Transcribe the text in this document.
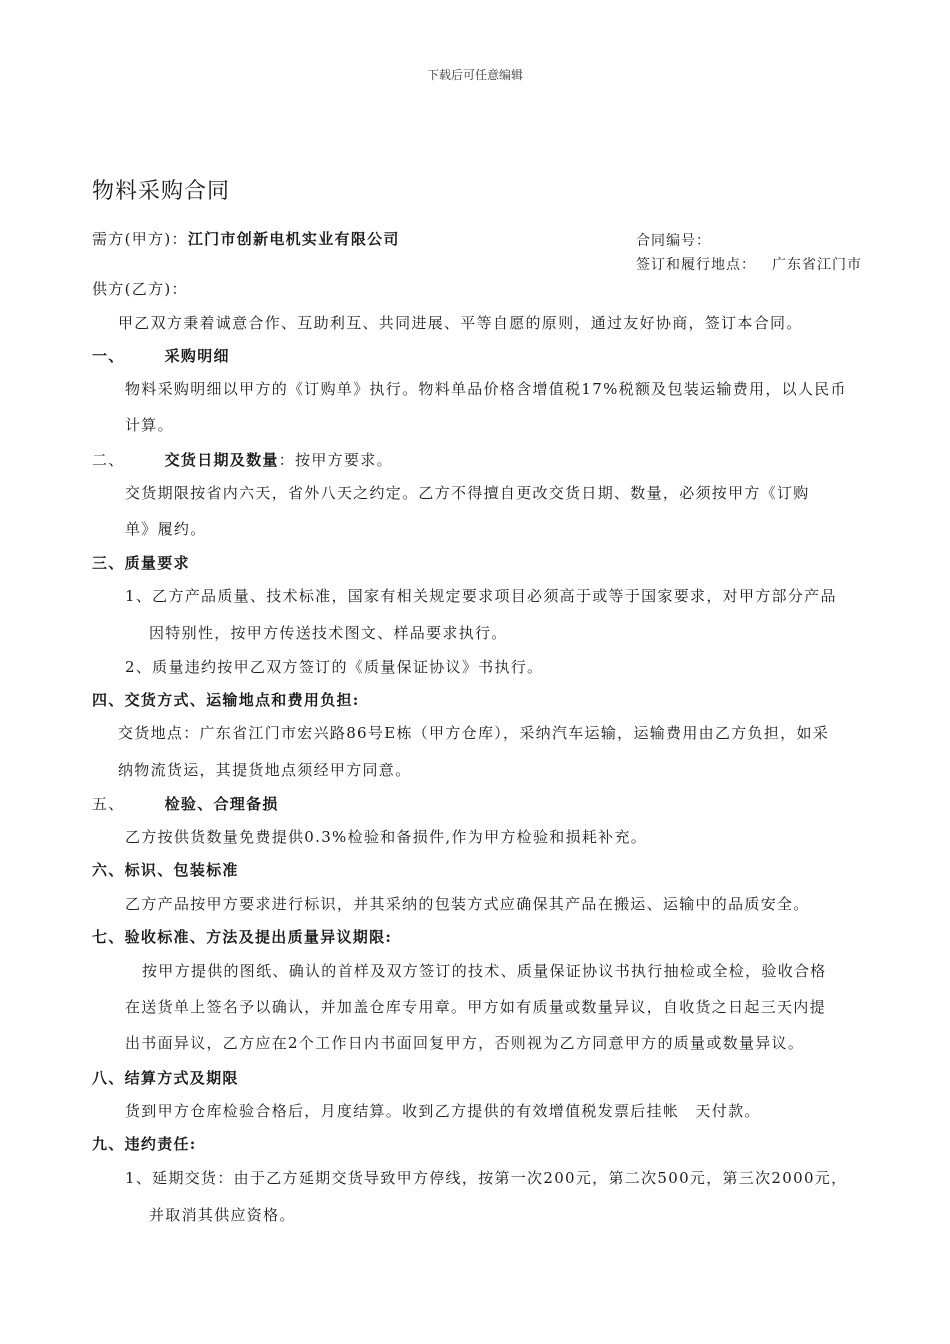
下载后可任意编辑
物料采购合同
需方(甲方)：江门市创新电机实业有限公司	合同编号：
签订和履行地点： 广东省江门市
供方(乙方)：
甲乙双方秉着诚意合作、互助利互、共同进展、平等自愿的原则，通过友好协商，签订本合同。
一、	采购明细
物料采购明细以甲方的《订购单》执行。物料单品价格含增值税17%税额及包装运输费用，以人民币
计算。
二、	交货日期及数量：按甲方要求。
交货期限按省内六天，省外八天之约定。乙方不得擅自更改交货日期、数量，必须按甲方《订购
单》履约。
三、质量要求
1、乙方产品质量、技术标准，国家有相关规定要求项目必须高于或等于国家要求，对甲方部分产品
因特别性，按甲方传送技术图文、样品要求执行。
2、质量违约按甲乙双方签订的《质量保证协议》书执行。
四、交货方式、运输地点和费用负担:
交货地点：广东省江门市宏兴路86号E栋（甲方仓库），采纳汽车运输，运输费用由乙方负担，如采
纳物流货运，其提货地点须经甲方同意。
五、	检验、合理备损
乙方按供货数量免费提供0.3%检验和备损件,作为甲方检验和损耗补充。
六、标识、包装标准
乙方产品按甲方要求进行标识，并其采纳的包装方式应确保其产品在搬运、运输中的品质安全。
七、验收标准、方法及提出质量异议期限:
按甲方提供的图纸、确认的首样及双方签订的技术、质量保证协议书执行抽检或全检，验收合格
在送货单上签名予以确认，并加盖仓库专用章。甲方如有质量或数量异议，自收货之日起三天内提
出书面异议，乙方应在2个工作日内书面回复甲方，否则视为乙方同意甲方的质量或数量异议。
八、结算方式及期限
货到甲方仓库检验合格后，月度结算。收到乙方提供的有效增值税发票后挂帐　天付款。
九、违约责任:
1、延期交货：由于乙方延期交货导致甲方停线，按第一次200元，第二次500元，第三次2000元，
并取消其供应资格。
